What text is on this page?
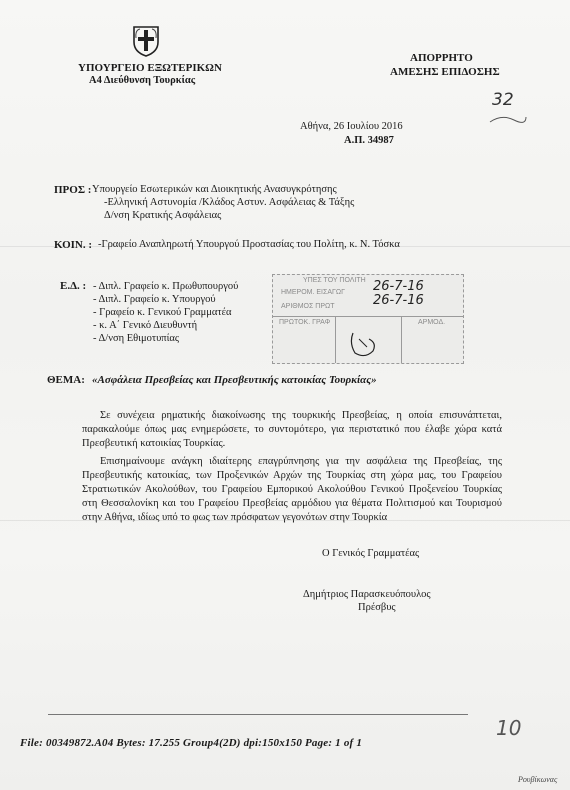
ΥΠΟΥΡΓΕΙΟ ΕΞΩΤΕΡΙΚΩΝ
Α4 Διεύθυνση Τουρκίας
ΑΠΟΡΡΗΤΟ
ΑΜΕΣΗΣ ΕΠΙΔΟΣΗΣ
32
Αθήνα, 26 Ιουλίου 2016
Α.Π. 34987
ΠΡΟΣ : Υπουργείο Εσωτερικών και Διοικητικής Ανασυγκρότησης
-Ελληνική Αστυνομία /Κλάδος Αστυν. Ασφάλειας & Τάξης
Δ/νση Κρατικής Ασφάλειας
ΚΟΙΝ. : -Γραφείο Αναπληρωτή Υπουργού Προστασίας του Πολίτη, κ. Ν. Τόσκα
Ε.Δ. : - Διπλ. Γραφείο κ. Πρωθυπουργού
- Διπλ. Γραφείο κ. Υπουργού
- Γραφείο κ. Γενικού Γραμματέα
- κ. Α΄ Γενικό Διευθυντή
- Δ/νση Εθιμοτυπίας
ΥΠΕΣ ΤΟΥ ΠΟΛΙΤΗ
ΗΜΕΡΟΜ. ΕΙΣΑΓΩΓ
ΑΡΙΘΜΟΣ ΠΡΩΤ
ΠΡΩΤΟΚ. ΓΡΑΦ	ΑΡΜΟΔ.
26-7-16
26-7-16
ΘΕΜΑ: «Ασφάλεια Πρεσβείας και Πρεσβευτικής κατοικίας Τουρκίας»
Σε συνέχεια ρηματικής διακοίνωσης της τουρκικής Πρεσβείας, η οποία επισυνάπτεται, παρακαλούμε όπως μας ενημερώσετε, το συντομότερο, για περιστατικό που έλαβε χώρα κατά Πρεσβευτική κατοικίας Τουρκίας.
Επισημαίνουμε ανάγκη ιδιαίτερης επαγρύπνησης για την ασφάλεια της Πρεσβείας, της Πρεσβευτικής κατοικίας, των Προξενικών Αρχών της Τουρκίας στη χώρα μας, του Γραφείου Στρατιωτικών Ακολούθων, του Γραφείου Εμπορικού Ακολούθου Γενικού Προξενείου Τουρκίας στη Θεσσαλονίκη και του Γραφείου Πρεσβείας αρμόδιου για θέματα Πολιτισμού και Τουρισμού στην Αθήνα, ιδίως υπό το φως των πρόσφατων γεγονότων στην Τουρκία
Ο Γενικός Γραμματέας
Δημήτριος Παρασκευόπουλος
Πρέσβυς
File: 00349872.A04 Bytes: 17.255 Group4(2D) dpi:150x150 Page: 1 of 1
10
Ρουβίκωνας
